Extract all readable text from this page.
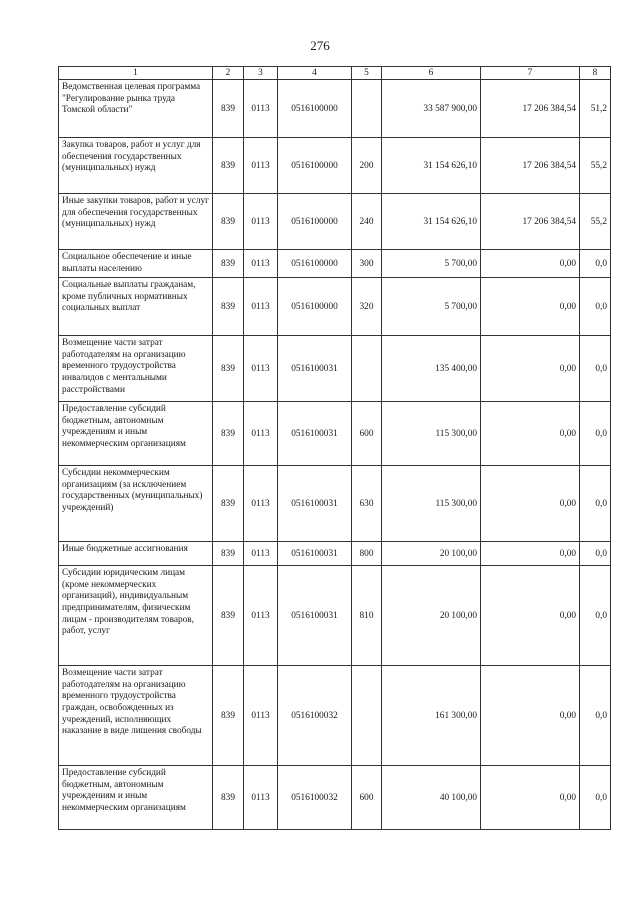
276
1	2	3	4	5	6	7	8
Ведомственная целевая программа "Регулирование рынка труда Томской области"	839	0113	0516100000		33 587 900,00	17 206 384,54	51,2
Закупка товаров, работ и услуг для обеспечения государственных (муниципальных) нужд	839	0113	0516100000	200	31 154 626,10	17 206 384,54	55,2
Иные закупки товаров, работ и услуг для обеспечения государственных (муниципальных) нужд	839	0113	0516100000	240	31 154 626,10	17 206 384,54	55,2
Социальное обеспечение и иные выплаты населению	839	0113	0516100000	300	5 700,00	0,00	0,0
Социальные выплаты гражданам, кроме публичных нормативных социальных выплат	839	0113	0516100000	320	5 700,00	0,00	0,0
Возмещение части затрат работодателям на организацию временного трудоустройства инвалидов с ментальными расстройствами	839	0113	0516100031		135 400,00	0,00	0,0
Предоставление субсидий бюджетным, автономным учреждениям и иным некоммерческим организациям	839	0113	0516100031	600	115 300,00	0,00	0,0
Субсидии некоммерческим организациям (за исключением государственных (муниципальных) учреждений)	839	0113	0516100031	630	115 300,00	0,00	0,0
Иные бюджетные ассигнования	839	0113	0516100031	800	20 100,00	0,00	0,0
Субсидии юридическим лицам (кроме некоммерческих организаций), индивидуальным предпринимателям, физическим лицам - производителям товаров, работ, услуг	839	0113	0516100031	810	20 100,00	0,00	0,0
Возмещение части затрат работодателям на организацию временного трудоустройства граждан, освобожденных из учреждений, исполняющих наказание в виде лишения свободы	839	0113	0516100032		161 300,00	0,00	0,0
Предоставление субсидий бюджетным, автономным учреждениям и иным некоммерческим организациям	839	0113	0516100032	600	40 100,00	0,00	0,0
